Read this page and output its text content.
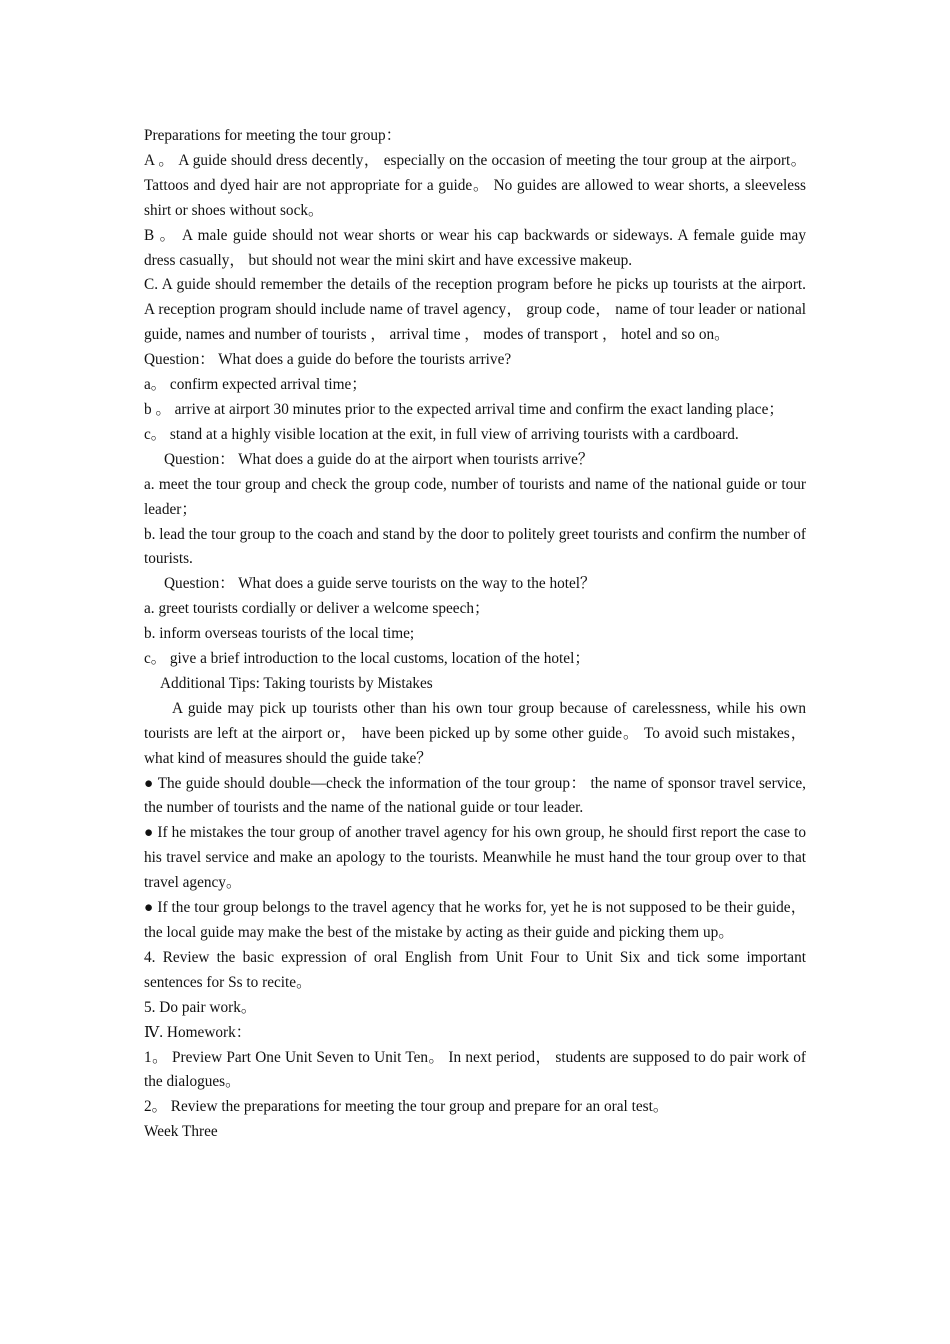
Preparations for meeting the tour group：

A 。 A guide should dress decently， especially on the occasion of meeting the tour group at the airport。 Tattoos and dyed hair are not appropriate for a guide。 No guides are allowed to wear shorts, a sleeveless shirt or shoes without sock。

B 。 A male guide should not wear shorts or wear his cap backwards or sideways. A female guide may dress casually， but should not wear the mini skirt and have excessive makeup.

C. A guide should remember the details of the reception program before he picks up tourists at the airport. A reception program should include name of travel agency， group code， name of tour leader or national guide, names and number of tourists ， arrival time ， modes of transport ， hotel and so on。

Question： What does a guide do before the tourists arrive?

a。 confirm expected arrival time；

b 。 arrive at airport 30 minutes prior to the expected arrival time and confirm the exact landing place；

c。 stand at a highly visible location at the exit, in full view of arriving tourists with a cardboard.

Question： What does a guide do at the airport when tourists arrive？

a. meet the tour group and check the group code, number of tourists and name of the national guide or tour leader；

b. lead the tour group to the coach and stand by the door to politely greet tourists and confirm the number of tourists.

Question： What does a guide serve tourists on the way to the hotel？

a. greet tourists cordially or deliver a welcome speech；

b. inform overseas tourists of the local time;

c。 give a brief introduction to the local customs, location of the hotel；

Additional Tips: Taking tourists by Mistakes

A guide may pick up tourists other than his own tour group because of carelessness, while his own tourists are left at the airport or， have been picked up by some other guide。 To avoid such mistakes， what kind of measures should the guide take？

● The guide should double—check the information of the tour group： the name of sponsor travel service, the number of tourists and the name of the national guide or tour leader.

● If he mistakes the tour group of another travel agency for his own group, he should first report the case to his travel service and make an apology to the tourists. Meanwhile he must hand the tour group over to that travel agency。

● If the tour group belongs to the travel agency that he works for, yet he is not supposed to be their guide， the local guide may make the best of the mistake by acting as their guide and picking them up。

4. Review the basic expression of oral English from Unit Four to Unit Six and tick some important sentences for Ss to recite。

5. Do pair work。

Ⅳ. Homework：

1。 Preview Part One Unit Seven to Unit Ten。 In next period， students are supposed to do pair work of the dialogues。

2。 Review the preparations for meeting the tour group and prepare for an oral test。

Week Three
